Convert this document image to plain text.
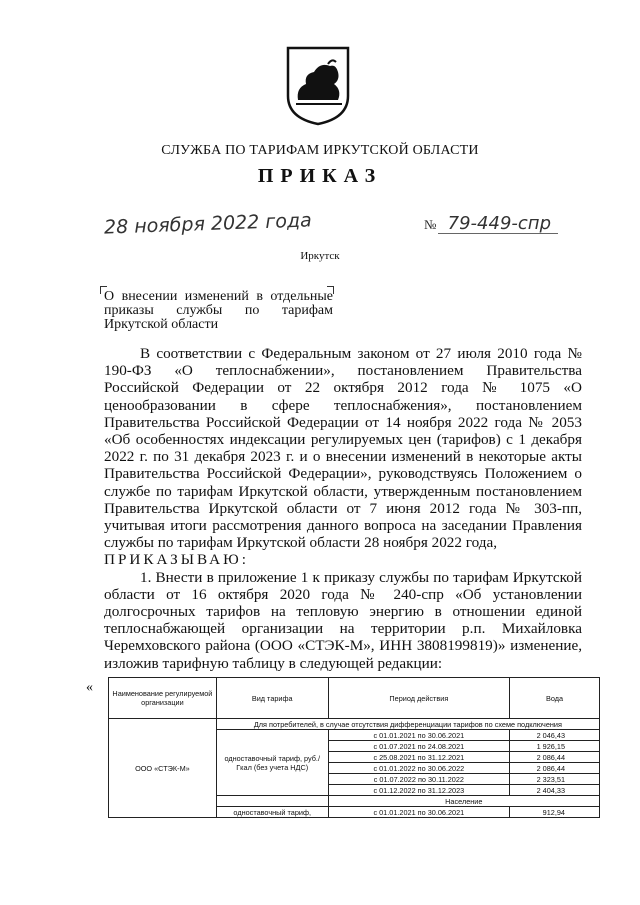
СЛУЖБА ПО ТАРИФАМ ИРКУТСКОЙ ОБЛАСТИ
ПРИКАЗ
28 ноября 2022 года	№ 79-449-спр
Иркутск
О внесении изменений в отдельные приказы службы по тарифам Иркутской области

В соответствии с Федеральным законом от 27 июля 2010 года № 190-ФЗ «О теплоснабжении», постановлением Правительства Российской Федерации от 22 октября 2012 года № 1075 «О ценообразовании в сфере теплоснабжения», постановлением Правительства Российской Федерации от 14 ноября 2022 года № 2053 «Об особенностях индексации регулируемых цен (тарифов) с 1 декабря 2022 г. по 31 декабря 2023 г. и о внесении изменений в некоторые акты Правительства Российской Федерации», руководствуясь Положением о службе по тарифам Иркутской области, утвержденным постановлением Правительства Иркутской области от 7 июня 2012 года № 303-пп, учитывая итоги рассмотрения данного вопроса на заседании Правления службы по тарифам Иркутской области 28 ноября 2022 года,

ПРИКАЗЫВАЮ:

1. Внести в приложение 1 к приказу службы по тарифам Иркутской области от 16 октября 2020 года № 240-спр «Об установлении долгосрочных тарифов на тепловую энергию в отношении единой теплоснабжающей организации на территории р.п. Михайловка Черемховского района (ООО «СТЭК-М», ИНН 3808199819)» изменение, изложив тарифную таблицу в следующей редакции:

«	Наименование регулируемой организации	Вид тарифа	Период действия	Вода
ООО «СТЭК-М»	Для потребителей, в случае отсутствия дифференциации тарифов по схеме подключения		
	одноставочный тариф, руб./Гкал (без учета НДС)	с 01.01.2021 по 30.06.2021	2 046,43
		с 01.07.2021 по 24.08.2021	1 926,15
		с 25.08.2021 по 31.12.2021	2 086,44
		с 01.01.2022 по 30.06.2022	2 086,44
		с 01.07.2022 по 30.11.2022	2 323,51
		с 01.12.2022 по 31.12.2023	2 404,33
		Население	
	одноставочный тариф,	с 01.01.2021 по 30.06.2021	912,94
